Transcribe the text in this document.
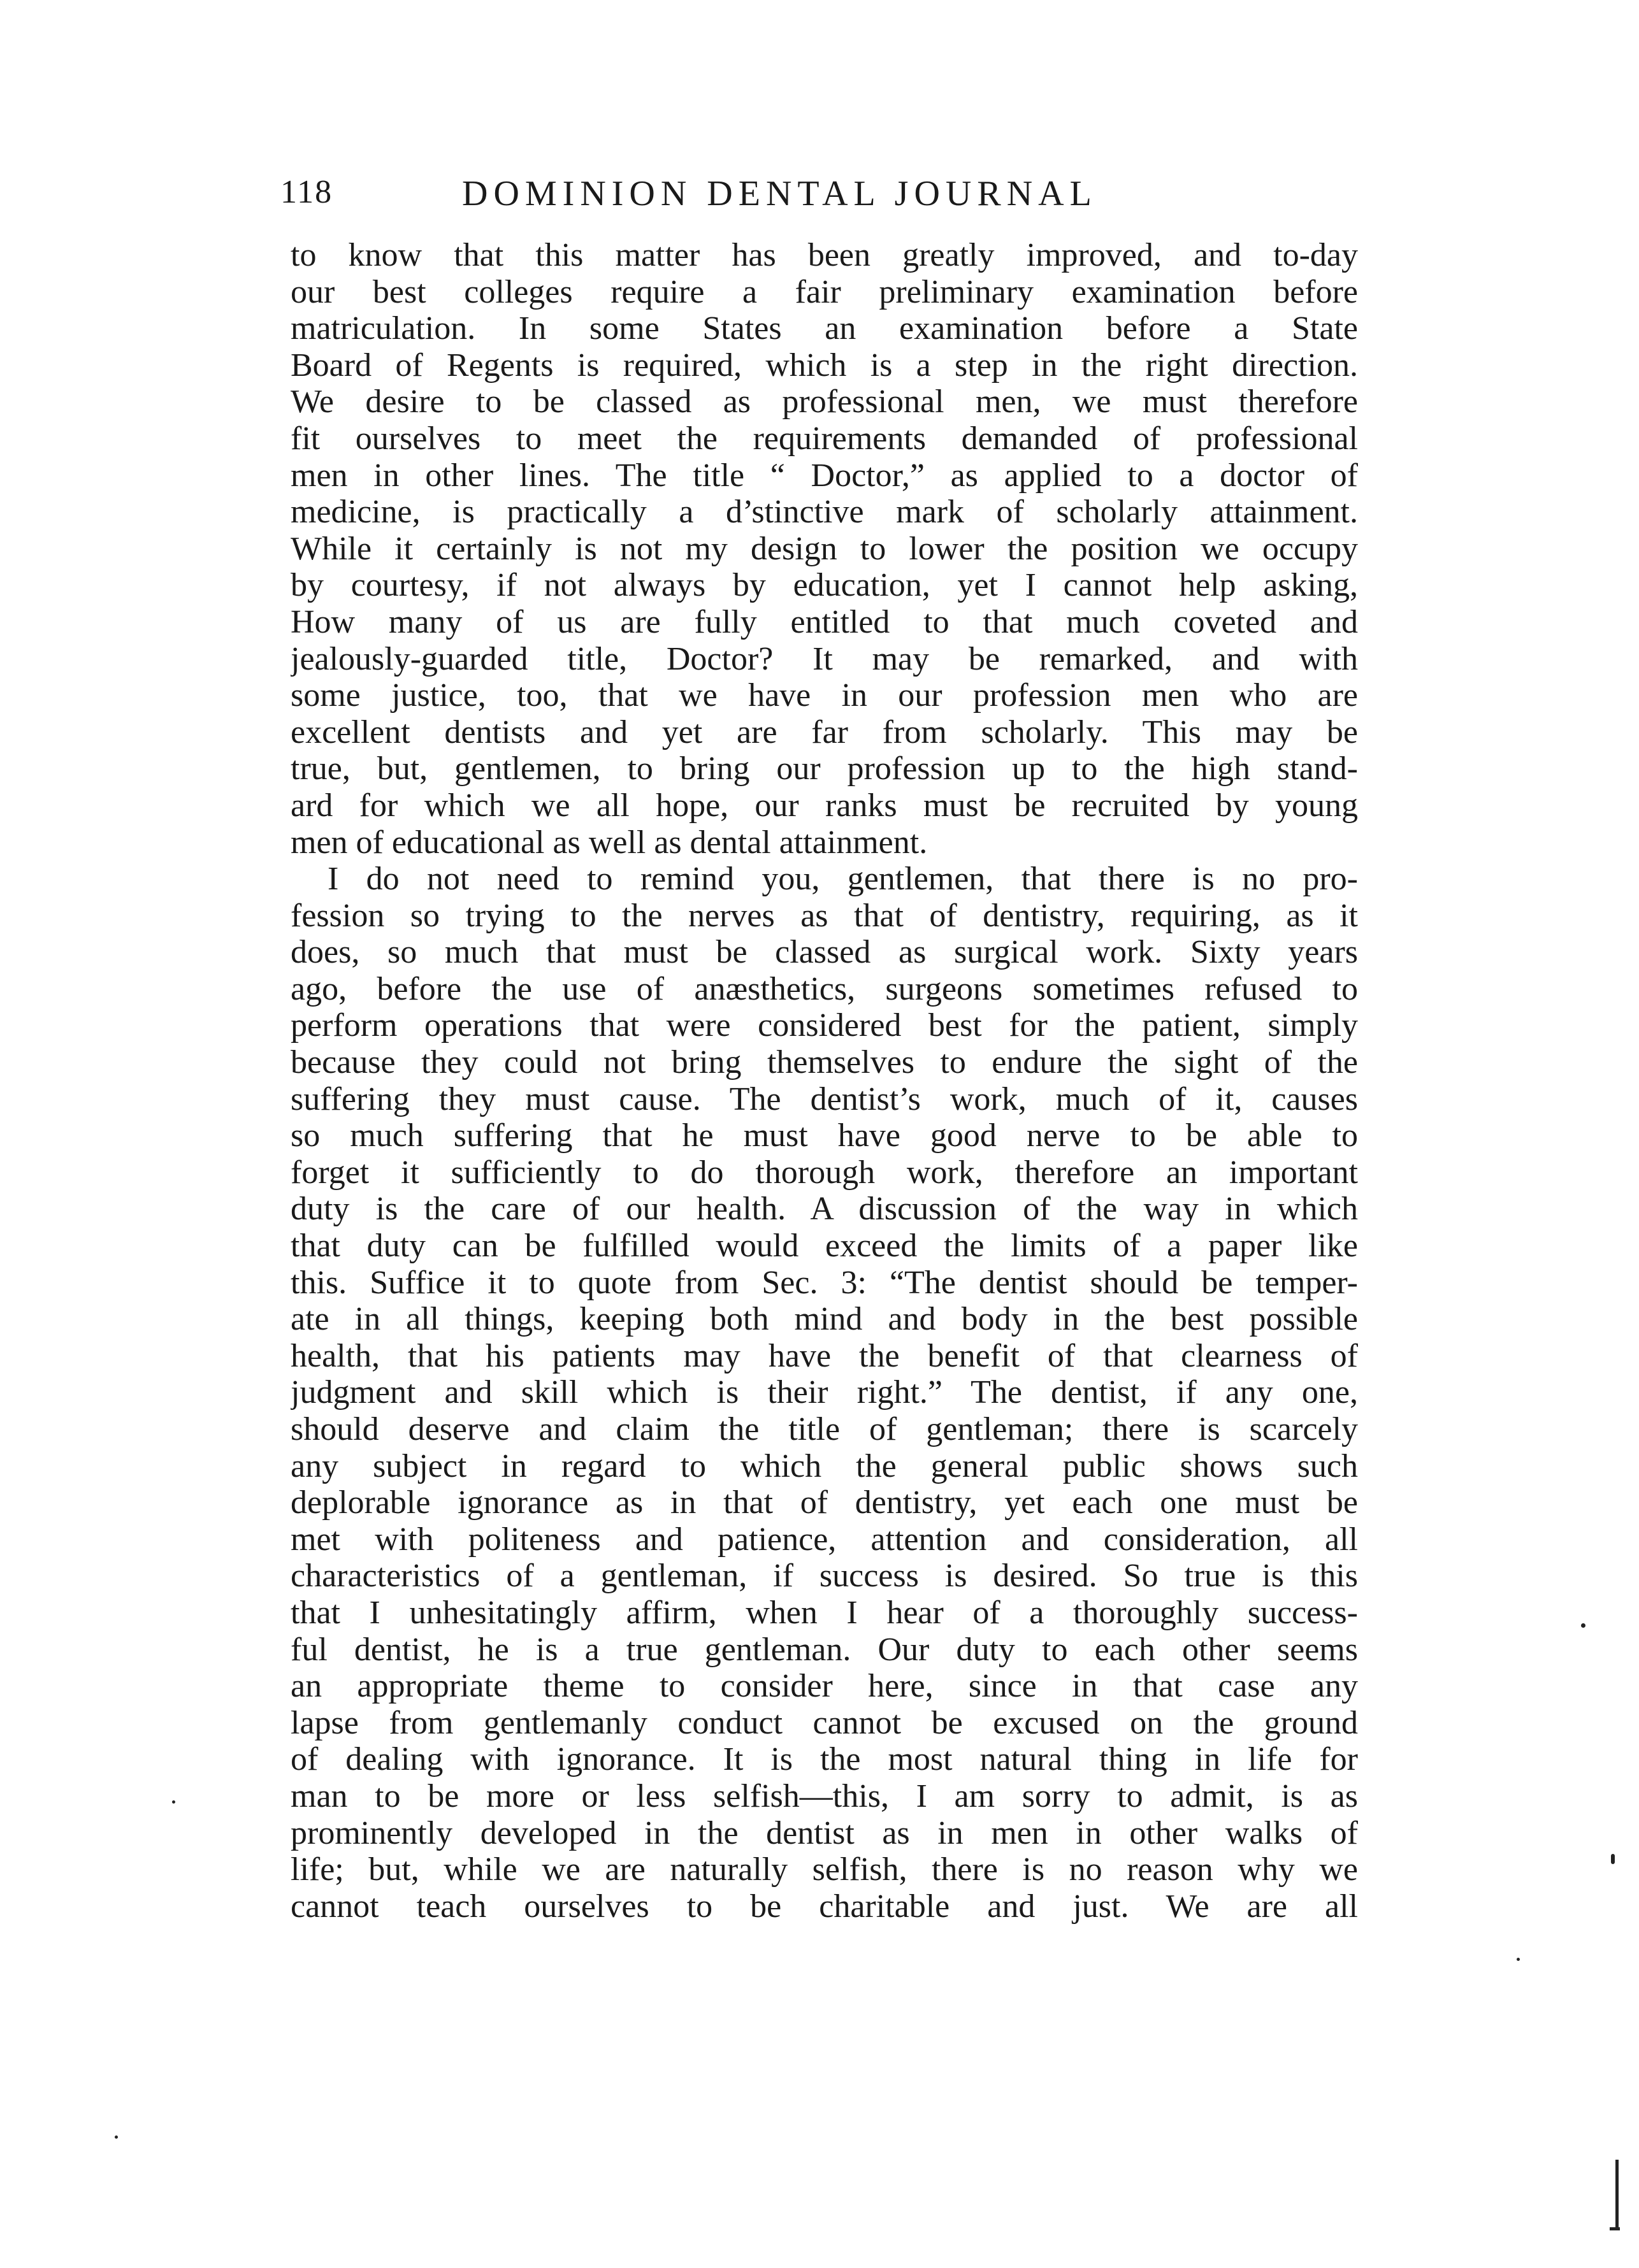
118	DOMINION DENTAL JOURNAL
to know that this matter has been greatly improved, and to-day
our best colleges require a fair preliminary examination before
matriculation. In some States an examination before a State
Board of Regents is required, which is a step in the right direction.
We desire to be classed as professional men, we must therefore
fit ourselves to meet the requirements demanded of professional
men in other lines. The title “ Doctor,” as applied to a doctor of
medicine, is practically a d’stinctive mark of scholarly attainment.
While it certainly is not my design to lower the position we occupy
by courtesy, if not always by education, yet I cannot help asking,
How many of us are fully entitled to that much coveted and
jealously-guarded title, Doctor? It may be remarked, and with
some justice, too, that we have in our profession men who are
excellent dentists and yet are far from scholarly. This may be
true, but, gentlemen, to bring our profession up to the high stand-
ard for which we all hope, our ranks must be recruited by young
men of educational as well as dental attainment.
I do not need to remind you, gentlemen, that there is no pro-
fession so trying to the nerves as that of dentistry, requiring, as it
does, so much that must be classed as surgical work. Sixty years
ago, before the use of anæsthetics, surgeons sometimes refused to
perform operations that were considered best for the patient, simply
because they could not bring themselves to endure the sight of the
suffering they must cause. The dentist’s work, much of it, causes
so much suffering that he must have good nerve to be able to
forget it sufficiently to do thorough work, therefore an important
duty is the care of our health. A discussion of the way in which
that duty can be fulfilled would exceed the limits of a paper like
this. Suffice it to quote from Sec. 3: “The dentist should be temper-
ate in all things, keeping both mind and body in the best possible
health, that his patients may have the benefit of that clearness of
judgment and skill which is their right.” The dentist, if any one,
should deserve and claim the title of gentleman; there is scarcely
any subject in regard to which the general public shows such
deplorable ignorance as in that of dentistry, yet each one must be
met with politeness and patience, attention and consideration, all
characteristics of a gentleman, if success is desired. So true is this
that I unhesitatingly affirm, when I hear of a thoroughly success-
ful dentist, he is a true gentleman. Our duty to each other seems
an appropriate theme to consider here, since in that case any
lapse from gentlemanly conduct cannot be excused on the ground
of dealing with ignorance. It is the most natural thing in life for
man to be more or less selfish—this, I am sorry to admit, is as
prominently developed in the dentist as in men in other walks of
life; but, while we are naturally selfish, there is no reason why we
cannot teach ourselves to be charitable and just. We are all
